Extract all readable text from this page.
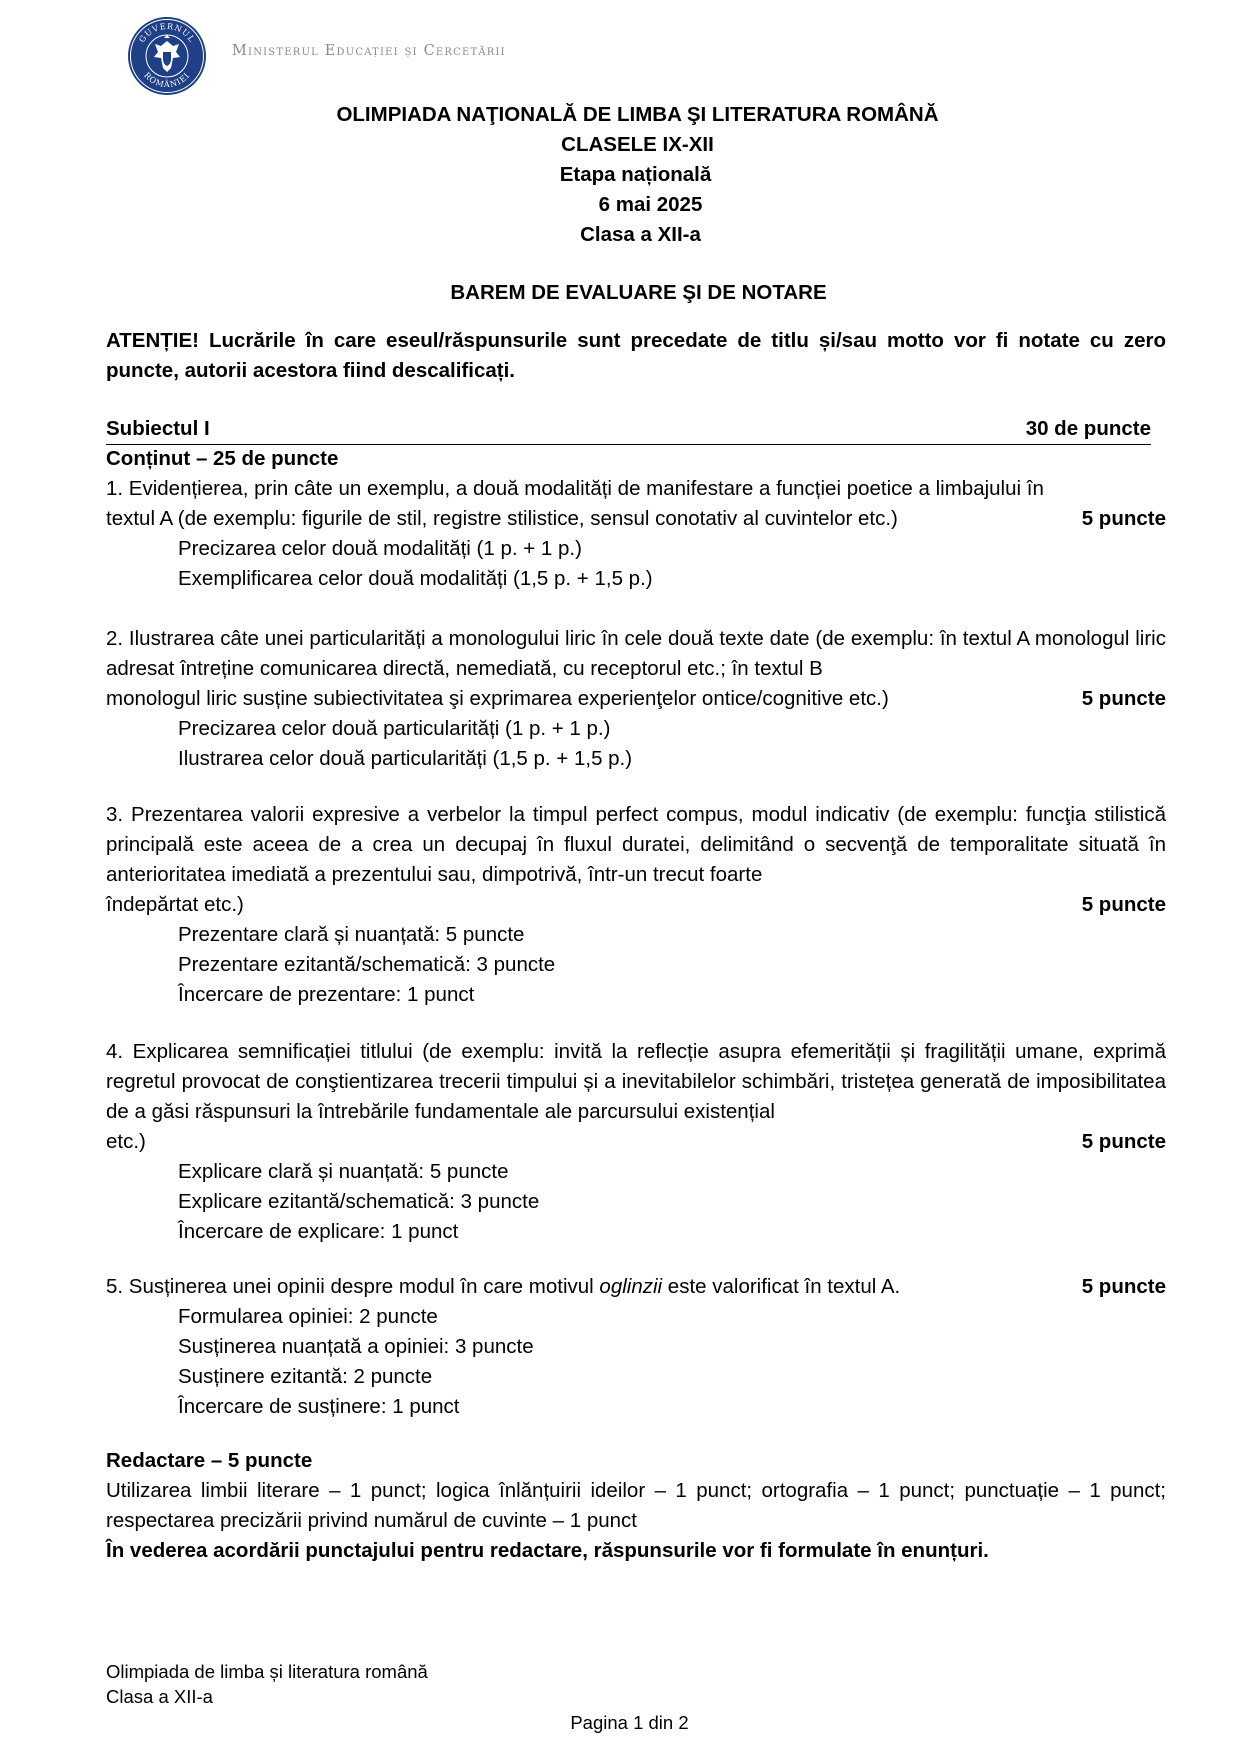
GUVERNUL
ROMÂNIEI
Ministerul Educației și Cercetării
OLIMPIADA NAŢIONALĂ DE LIMBA ŞI LITERATURA ROMÂNĂ
CLASELE IX-XII
Etapa națională
6 mai 2025
Clasa a XII-a
BAREM DE EVALUARE ŞI DE NOTARE
ATENȚIE! Lucrările în care eseul/răspunsurile sunt precedate de titlu și/sau motto vor fi notate cu zero puncte, autorii acestora fiind descalificați.
Subiectul I	30 de puncte
Conținut – 25 de puncte
1. Evidențierea, prin câte un exemplu, a două modalități de manifestare a funcției poetice a limbajului în
textul A (de exemplu: figurile de stil, registre stilistice, sensul conotativ al cuvintelor etc.)	5 puncte
Precizarea celor două modalități (1 p. + 1 p.)
Exemplificarea celor două modalități (1,5 p. + 1,5 p.)
2. Ilustrarea câte unei particularități a monologului liric în cele două texte date (de exemplu: în textul A monologul liric adresat întreține comunicarea directă, nemediată, cu receptorul etc.; în textul B
monologul liric susține subiectivitatea şi exprimarea experienţelor ontice/cognitive etc.)	5 puncte
Precizarea celor două particularități (1 p. + 1 p.)
Ilustrarea celor două particularități (1,5 p. + 1,5 p.)
3. Prezentarea valorii expresive a verbelor la timpul perfect compus, modul indicativ (de exemplu: funcţia stilistică principală este aceea de a crea un decupaj în fluxul duratei, delimitând o secvenţă de temporalitate situată în anterioritatea imediată a prezentului sau, dimpotrivă, într-un trecut foarte
îndepărtat etc.)	5 puncte
Prezentare clară și nuanțată: 5 puncte
Prezentare ezitantă/schematică: 3 puncte
Încercare de prezentare: 1 punct
4. Explicarea semnificației titlului (de exemplu: invită la reflecție asupra efemerității și fragilității umane, exprimă regretul provocat de conştientizarea trecerii timpului și a inevitabilelor schimbări, tristețea generată de imposibilitatea de a găsi răspunsuri la întrebările fundamentale ale parcursului existențial
etc.)	5 puncte
Explicare clară și nuanțată: 5 puncte
Explicare ezitantă/schematică: 3 puncte
Încercare de explicare: 1 punct
5. Susținerea unei opinii despre modul în care motivul oglinzii este valorificat în textul A.	5 puncte
Formularea opiniei: 2 puncte
Susținerea nuanțată a opiniei: 3 puncte
Susținere ezitantă: 2 puncte
Încercare de susținere: 1 punct
Redactare – 5 puncte
Utilizarea limbii literare – 1 punct; logica înlănțuirii ideilor – 1 punct; ortografia – 1 punct; punctuație – 1 punct; respectarea precizării privind numărul de cuvinte – 1 punct
În vederea acordării punctajului pentru redactare, răspunsurile vor fi formulate în enunțuri.
Olimpiada de limba și literatura română
Clasa a XII-a
Pagina 1 din 2
